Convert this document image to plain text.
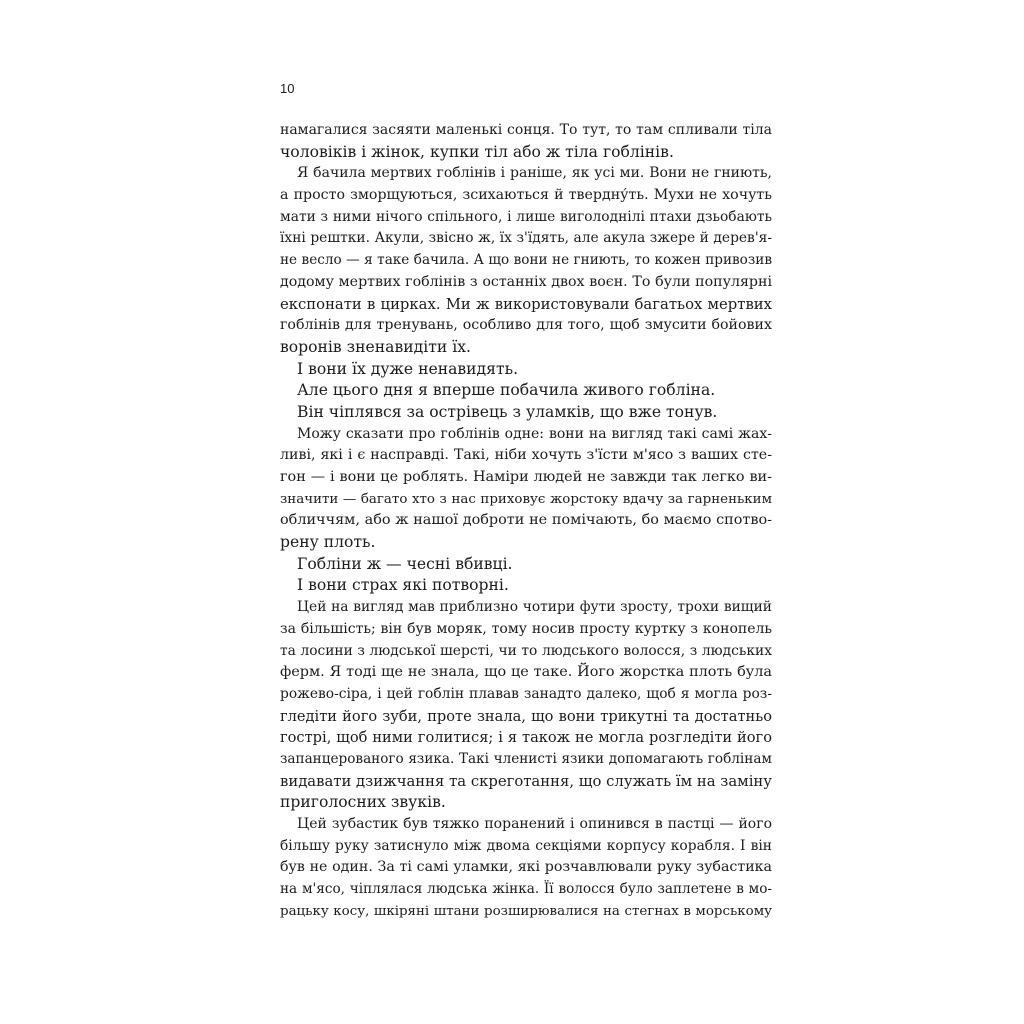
10
намагалися засяяти маленькі сонця. То тут, то там спливали тіла
чоловіків і жінок, купки тіл або ж тіла гоблінів.
Я бачила мертвих гоблінів і раніше, як усі ми. Вони не гниють,
а просто зморщуються, зсихаються й твердну́ть. Мухи не хочуть
мати з ними нічого спільного, і лише виголоднілі птахи дзьобають
їхні рештки. Акули, звісно ж, їх з'їдять, але акула зжере й дерев'я-
не весло — я таке бачила. А що вони не гниють, то кожен привозив
додому мертвих гоблінів з останніх двох воєн. То були популярні
експонати в цирках. Ми ж використовували багатьох мертвих
гоблінів для тренувань, особливо для того, щоб змусити бойових
воронів зненавидіти їх.
І вони їх дуже ненавидять.
Але цього дня я вперше побачила живого гобліна.
Він чіплявся за острівець з уламків, що вже тонув.
Можу сказати про гоблінів одне: вони на вигляд такі самі жах-
ливі, які і є насправді. Такі, ніби хочуть з'їсти м'ясо з ваших сте-
гон — і вони це роблять. Наміри людей не завжди так легко ви-
значити — багато хто з нас приховує жорстоку вдачу за гарненьким
обличчям, або ж нашої доброти не помічають, бо маємо спотво-
рену плоть.
Гобліни ж — чесні вбивці.
І вони страх які потворні.
Цей на вигляд мав приблизно чотири фути зросту, трохи вищий
за більшість; він був моряк, тому носив просту куртку з конопель
та лосини з людської шерсті, чи то людського волосся, з людських
ферм. Я тоді ще не знала, що це таке. Його жорстка плоть була
рожево-сіра, і цей гоблін плавав занадто далеко, щоб я могла роз-
гледіти його зуби, проте знала, що вони трикутні та достатньо
гострі, щоб ними голитися; і я також не могла розгледіти його
запанцерованого язика. Такі членисті язики допомагають гоблінам
видавати дзижчання та скреготання, що служать їм на заміну
приголосних звуків.
Цей зубастик був тяжко поранений і опинився в пастці — його
більшу руку затиснуло між двома секціями корпусу корабля. І він
був не один. За ті самі уламки, які розчавлювали руку зубастика
на м'ясо, чіплялася людська жінка. Її волосся було заплетене в мо-
рацьку косу, шкіряні штани розширювалися на стегнах в морському
